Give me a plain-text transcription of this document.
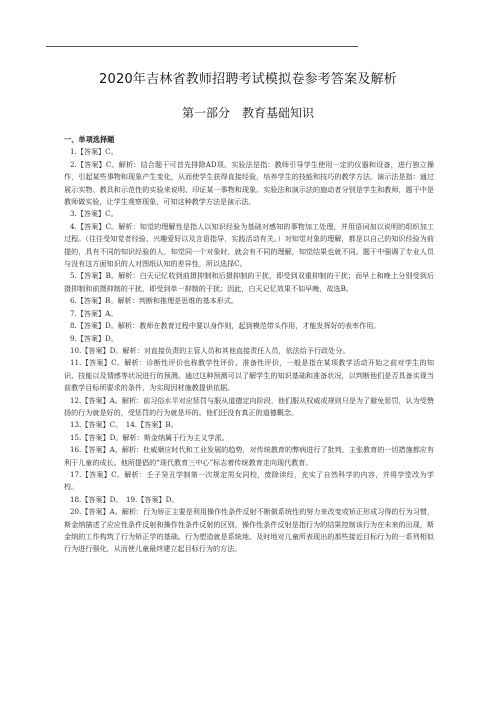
2020年吉林省教师招聘考试模拟卷参考答案及解析
第一部分 教育基础知识
一、单项选择题

1.【答案】C。

2.【答案】C。解析：结合题干可首先排除AD项。实验法是指：教师引导学生使用一定的仪器和设备，进行独立操作，引起某些事物和现象产生变化，从而使学生获得直接经验，培养学生的技能和技巧的教学方法。演示法是指：通过展示实物、教具和示范性的实验来说明、印证某一事物和现象。实验法和演示法的施动者分别是学生和教师，题干中是教师做实验，让学生观察现象，可知这种教学方法是演示法。

3.【答案】C。

4.【答案】C。解析：知觉的理解性是指人以知识经验为基础对感知的事物加工处理，并用语词加以说明的组织加工过程。（往往受知觉者经验、兴趣爱好以及言语指导，实践活动有关。）对知觉对象的理解，都是以自己的知识经验为前提的，具有不同的知识经验的人，知觉同一个对象时，就会有不同的理解，知觉结果也就不同。题干中强调了专业人员与没有这方面知识的人对图纸认知的差异性，所以选择C。

5.【答案】B。解析：白天记忆收到前摄抑制和后摄抑制的干扰，即受到双重抑制的干扰；而早上和晚上分别受到后摄抑制和前摄抑制的干扰，即受到单一抑制的干扰；因此，白天记忆效果不如早晚，故选B。

6.【答案】B。解析：判断和推理是思维的基本形式。

7.【答案】A。

8.【答案】D。解析：教师在教育过程中要以身作则，起到模范带头作用，才能发挥好的表率作用。

9.【答案】D。

10.【答案】D。解析：对直接负责的主管人员和其他直接责任人员，依法给予行政处分。

11.【答案】C。解析：诊断性评价也称教学性评价、准备性评价，一般是指在某项教学活动开始之前对学生的知识、技能以及情感等状况进行的预测。通过这种预测可以了解学生的知识基础和准备状况，以判断他们是否具备实现当前教学目标所要求的条件，为实现因材施教提供依据。

12.【答案】A。解析：前习俗水平对应惩罚与服从道德定向阶段，他们服从权威或规则只是为了避免惩罚，认为受赞扬的行为就是好的，受惩罚的行为就是坏的。他们还没有真正的道德概念。

13.【答案】C。　14.【答案】B。

15.【答案】D。解析：斯金纳属于行为主义学派。

16.【答案】A。解析：杜威顺应时代和工业发展的趋势，对传统教育的弊病进行了批判，主张教育的一切措施都应有利于儿童的成长。他所提倡的“现代教育三中心”标志着传统教育走向现代教育。

17.【答案】C。解析：壬子癸丑学制第一次规定男女同校，废除读经，充实了自然科学的内容，并将学堂改为学校。

18.【答案】D。　19.【答案】D。

20.【答案】A。解析：行为矫正主要是利用操作性条件反射不断做系统性的努力来改变或矫正形成习得的行为习惯，斯金纳描述了应应性条件反射和操作性条件反射的区别，操作性条件反射是指行为的结果控制该行为在未来的出现，斯金纳的工作构筑了行为矫正学的基础。行为塑造就是系统地、及时地对儿童所表现出的那些接近目标行为的一系列相似行为进行强化，从而使儿童最终建立起目标行为的方法。
